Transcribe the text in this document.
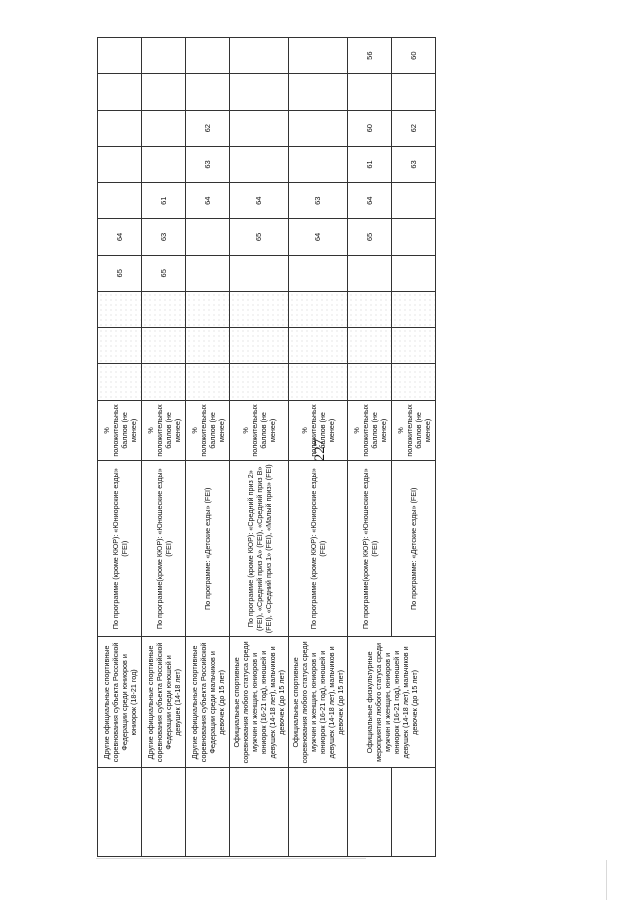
	Другие официальные спортивные соревнования субъекта Российской Федерации среди юниоров и юниорок (18-21 год)	По программе (кроме КЮР): «Юниорские езды» (FEI)	% положительных баллов (не менее)				65	64					
	Другие официальные спортивные соревнования субъекта Российской Федерации среди юношей и девушек (14-18 лет)	По программе(кроме КЮР): «Юношеские езды» (FEI)	% положительных баллов (не менее)				65	63	61				
	Другие официальные спортивные соревнования субъекта Российской Федерации среди мальчиков и девочек (до 15 лет)	По программе: «Детские езды» (FEI)	% положительных баллов (не менее)						64	63	62		
	Официальные спортивные соревнования любого статуса среди мужчин и женщин, юниоров и юниорок (16-21 год), юношей и девушек (14-18 лет), мальчиков и девочек (до 15 лет)	По программе (кроме КЮР): «Средний приз 2» (FEI), «Средний приз А» (FEI), «Средний приз В» (FEI), «Средний приз 1» (FEI), «Малый приз» (FEI)	% положительных баллов (не менее)					65	64				
	Официальные спортивные соревнования любого статуса среди мужчин и женщин, юниоров и юниорок (16-21 год), юношей и девушек (14-18 лет), мальчиков и девочек (до 15 лет)	По программе (кроме КЮР): «Юниорские езды» (FEI)	% положительных баллов (не менее)					64	63				
	Официальные физкультурные мероприятия любого статуса среди мужчин и женщин, юниоров и юниорок (16-21 год), юношей и девушек (14-18 лет), мальчиков и девочек (до 15 лет)	По программе(кроме КЮР): «Юношеские езды» (FEI)	% положительных баллов (не менее)					65	64	61	60		56
		По программе: «Детские езды» (FEI)	% положительных баллов (не менее)							63	62		60
227
